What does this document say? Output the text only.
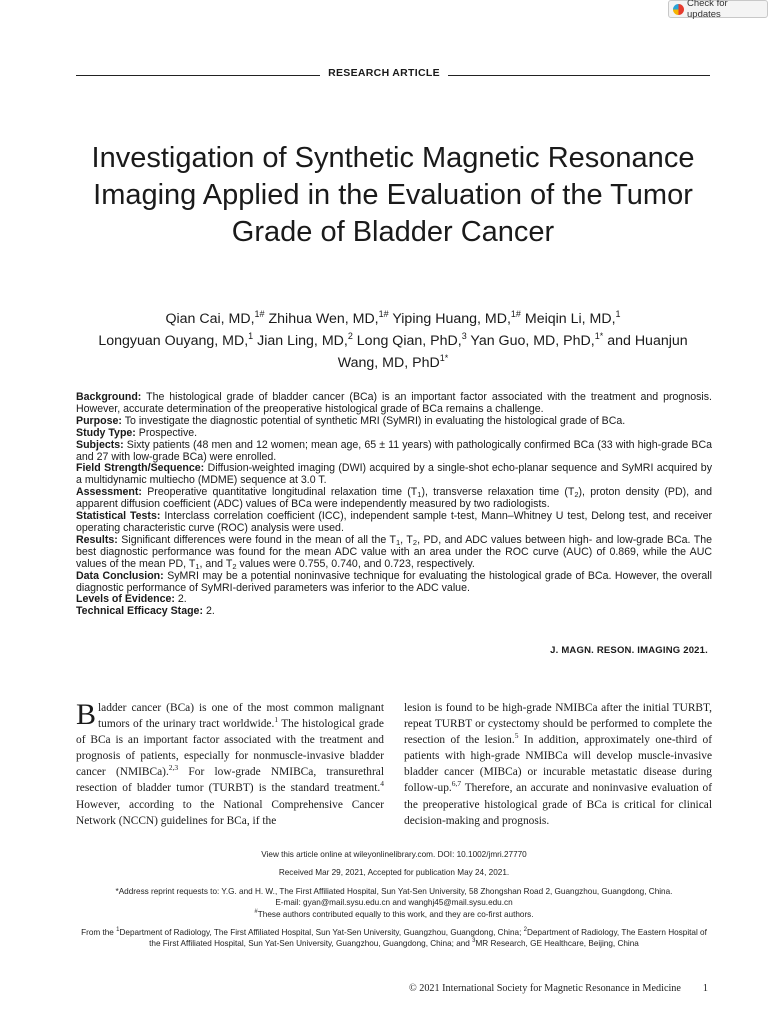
Check for updates
RESEARCH ARTICLE
Investigation of Synthetic Magnetic Resonance Imaging Applied in the Evaluation of the Tumor Grade of Bladder Cancer
Qian Cai, MD,$^{1\#}$ Zhihua Wen, MD,$^{1\#}$ Yiping Huang, MD,$^{1\#}$ Meiqin Li, MD,$^1$
Longyuan Ouyang, MD,$^1$ Jian Ling, MD,$^2$ Long Qian, PhD,$^3$ Yan Guo, MD, PhD,$^{1*}$ and Huanjun Wang, MD, PhD$^{1*}$

Background: The histological grade of bladder cancer (BCa) is an important factor associated with the treatment and prognosis. However, accurate determination of the preoperative histological grade of BCa remains a challenge.

Purpose: To investigate the diagnostic potential of synthetic MRI (SyMRI) in evaluating the histological grade of BCa.

Study Type: Prospective.

Subjects: Sixty patients (48 men and 12 women; mean age, 65 ± 11 years) with pathologically confirmed BCa (33 with high-grade BCa and 27 with low-grade BCa) were enrolled.

Field Strength/Sequence: Diffusion-weighted imaging (DWI) acquired by a single-shot echo-planar sequence and SyMRI acquired by a multidynamic multiecho (MDME) sequence at 3.0 T.

Assessment: Preoperative quantitative longitudinal relaxation time $(T_1)$, transverse relaxation time $(T_2)$, proton density (PD), and apparent diffusion coefficient (ADC) values of BCa were independently measured by two radiologists.

Statistical Tests: Interclass correlation coefficient (ICC), independent sample t-test, Mann–Whitney U test, Delong test, and receiver operating characteristic curve (ROC) analysis were used.

Results: Significant differences were found in the mean of all the $T_1$, $T_2$, PD, and ADC values between high- and low-grade BCa. The best diagnostic performance was found for the mean ADC value with an area under the ROC curve (AUC) of 0.869, while the AUC values of the mean PD, $T_1$, and $T_2$ values were 0.755, 0.740, and 0.723, respectively.

Data Conclusion: SyMRI may be a potential noninvasive technique for evaluating the histological grade of BCa. However, the overall diagnostic performance of SyMRI-derived parameters was inferior to the ADC value.

Levels of Evidence: 2.

Technical Efficacy Stage: 2.

J. MAGN. RESON. IMAGING 2021.

Bladder cancer (BCa) is one of the most common malignant tumors of the urinary tract worldwide.$^1$ The histological grade of BCa is an important factor associated with the treatment and prognosis of patients, especially for nonmuscle-invasive bladder cancer (NMIBCa).$^{2,3}$ For low-grade NMIBCa, transurethral resection of bladder tumor (TURBT) is the standard treatment.$^4$ However, according to the National Comprehensive Cancer Network (NCCN) guidelines for BCa, if the

lesion is found to be high-grade NMIBCa after the initial TURBT, repeat TURBT or cystectomy should be performed to complete the resection of the lesion.$^5$ In addition, approximately one-third of patients with high-grade NMIBCa will develop muscle-invasive bladder cancer (MIBCa) or incurable metastatic disease during follow-up.$^{6,7}$ Therefore, an accurate and noninvasive evaluation of the preoperative histological grade of BCa is critical for clinical decision-making and prognosis.

View this article online at wileyonlinelibrary.com. DOI: 10.1002/jmri.27770

Received Mar 29, 2021, Accepted for publication May 24, 2021.

*Address reprint requests to: Y.G. and H. W., The First Affiliated Hospital, Sun Yat-Sen University, 58 Zhongshan Road 2, Guangzhou, Guangdong, China.

E-mail: gyan@mail.sysu.edu.cn and wanghj45@mail.sysu.edu.cn

#These authors contributed equally to this work, and they are co-first authors.

From the $^1$Department of Radiology, The First Affiliated Hospital, Sun Yat-Sen University, Guangzhou, Guangdong, China; $^2$Department of Radiology, The Eastern Hospital of the First Affiliated Hospital, Sun Yat-Sen University, Guangzhou, Guangdong, China; and $^3$MR Research, GE Healthcare, Beijing, China

© 2021 International Society for Magnetic Resonance in Medicine 1
